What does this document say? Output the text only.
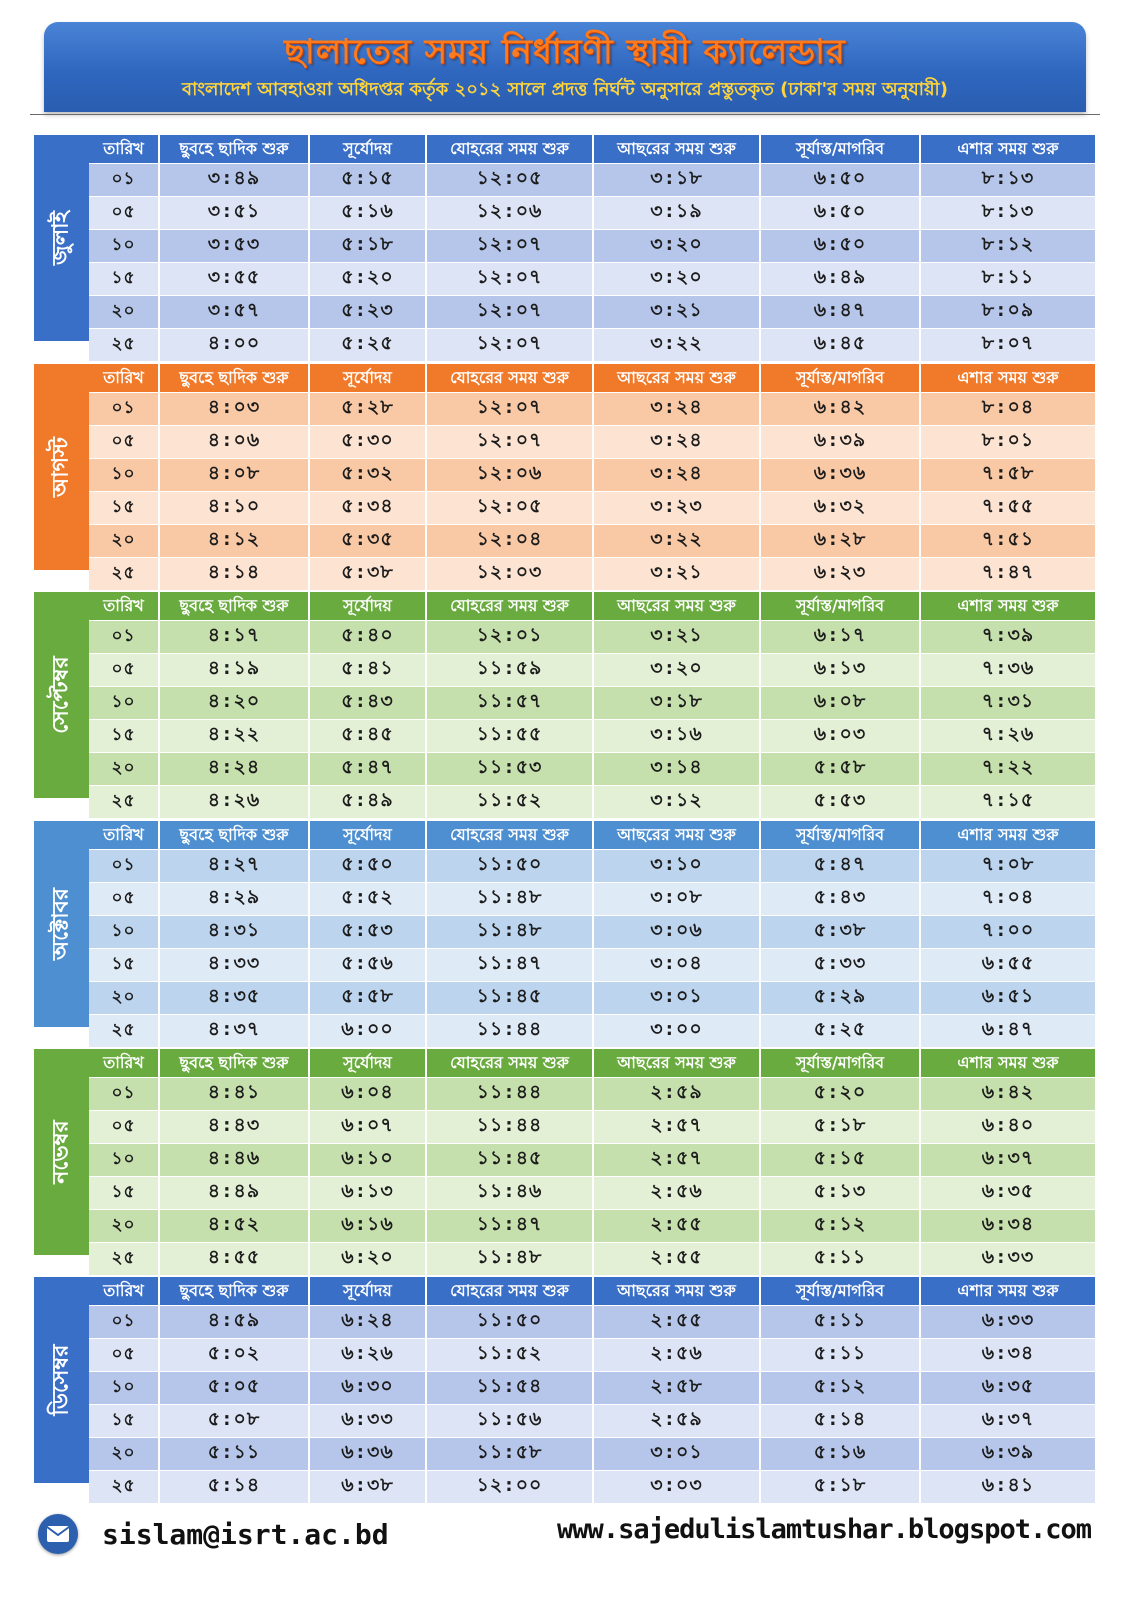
ছালাতের সময় নির্ধারণী স্থায়ী ক্যালেন্ডার
বাংলাদেশ আবহাওয়া অধিদপ্তর কর্তৃক ২০১২ সালে প্রদত্ত নির্ঘন্ট অনুসারে প্রস্তুতকৃত (ঢাকা'র সময় অনুযায়ী)
জুলাই
তারিখ	ছুবহে ছাদিক শুরু	সূর্যোদয়	যোহরের সময় শুরু	আছরের সময় শুরু	সূর্যাস্ত/মাগরিব	এশার সময় শুরু
০১	৩:৪৯	৫:১৫	১২:০৫	৩:১৮	৬:৫০	৮:১৩
০৫	৩:৫১	৫:১৬	১২:০৬	৩:১৯	৬:৫০	৮:১৩
১০	৩:৫৩	৫:১৮	১২:০৭	৩:২০	৬:৫০	৮:১২
১৫	৩:৫৫	৫:২০	১২:০৭	৩:২০	৬:৪৯	৮:১১
২০	৩:৫৭	৫:২৩	১২:০৭	৩:২১	৬:৪৭	৮:০৯
২৫	৪:০০	৫:২৫	১২:০৭	৩:২২	৬:৪৫	৮:০৭
আগস্ট
তারিখ	ছুবহে ছাদিক শুরু	সূর্যোদয়	যোহরের সময় শুরু	আছরের সময় শুরু	সূর্যাস্ত/মাগরিব	এশার সময় শুরু
০১	৪:০৩	৫:২৮	১২:০৭	৩:২৪	৬:৪২	৮:০৪
০৫	৪:০৬	৫:৩০	১২:০৭	৩:২৪	৬:৩৯	৮:০১
১০	৪:০৮	৫:৩২	১২:০৬	৩:২৪	৬:৩৬	৭:৫৮
১৫	৪:১০	৫:৩৪	১২:০৫	৩:২৩	৬:৩২	৭:৫৫
২০	৪:১২	৫:৩৫	১২:০৪	৩:২২	৬:২৮	৭:৫১
২৫	৪:১৪	৫:৩৮	১২:০৩	৩:২১	৬:২৩	৭:৪৭
সেপ্টেম্বর
তারিখ	ছুবহে ছাদিক শুরু	সূর্যোদয়	যোহরের সময় শুরু	আছরের সময় শুরু	সূর্যাস্ত/মাগরিব	এশার সময় শুরু
০১	৪:১৭	৫:৪০	১২:০১	৩:২১	৬:১৭	৭:৩৯
০৫	৪:১৯	৫:৪১	১১:৫৯	৩:২০	৬:১৩	৭:৩৬
১০	৪:২০	৫:৪৩	১১:৫৭	৩:১৮	৬:০৮	৭:৩১
১৫	৪:২২	৫:৪৫	১১:৫৫	৩:১৬	৬:০৩	৭:২৬
২০	৪:২৪	৫:৪৭	১১:৫৩	৩:১৪	৫:৫৮	৭:২২
২৫	৪:২৬	৫:৪৯	১১:৫২	৩:১২	৫:৫৩	৭:১৫
অক্টোবর
তারিখ	ছুবহে ছাদিক শুরু	সূর্যোদয়	যোহরের সময় শুরু	আছরের সময় শুরু	সূর্যাস্ত/মাগরিব	এশার সময় শুরু
০১	৪:২৭	৫:৫০	১১:৫০	৩:১০	৫:৪৭	৭:০৮
০৫	৪:২৯	৫:৫২	১১:৪৮	৩:০৮	৫:৪৩	৭:০৪
১০	৪:৩১	৫:৫৩	১১:৪৮	৩:০৬	৫:৩৮	৭:০০
১৫	৪:৩৩	৫:৫৬	১১:৪৭	৩:০৪	৫:৩৩	৬:৫৫
২০	৪:৩৫	৫:৫৮	১১:৪৫	৩:০১	৫:২৯	৬:৫১
২৫	৪:৩৭	৬:০০	১১:৪৪	৩:০০	৫:২৫	৬:৪৭
নভেম্বর
তারিখ	ছুবহে ছাদিক শুরু	সূর্যোদয়	যোহরের সময় শুরু	আছরের সময় শুরু	সূর্যাস্ত/মাগরিব	এশার সময় শুরু
০১	৪:৪১	৬:০৪	১১:৪৪	২:৫৯	৫:২০	৬:৪২
০৫	৪:৪৩	৬:০৭	১১:৪৪	২:৫৭	৫:১৮	৬:৪০
১০	৪:৪৬	৬:১০	১১:৪৫	২:৫৭	৫:১৫	৬:৩৭
১৫	৪:৪৯	৬:১৩	১১:৪৬	২:৫৬	৫:১৩	৬:৩৫
২০	৪:৫২	৬:১৬	১১:৪৭	২:৫৫	৫:১২	৬:৩৪
২৫	৪:৫৫	৬:২০	১১:৪৮	২:৫৫	৫:১১	৬:৩৩
ডিসেম্বর
তারিখ	ছুবহে ছাদিক শুরু	সূর্যোদয়	যোহরের সময় শুরু	আছরের সময় শুরু	সূর্যাস্ত/মাগরিব	এশার সময় শুরু
০১	৪:৫৯	৬:২৪	১১:৫০	২:৫৫	৫:১১	৬:৩৩
০৫	৫:০২	৬:২৬	১১:৫২	২:৫৬	৫:১১	৬:৩৪
১০	৫:০৫	৬:৩০	১১:৫৪	২:৫৮	৫:১২	৬:৩৫
১৫	৫:০৮	৬:৩৩	১১:৫৬	২:৫৯	৫:১৪	৬:৩৭
২০	৫:১১	৬:৩৬	১১:৫৮	৩:০১	৫:১৬	৬:৩৯
২৫	৫:১৪	৬:৩৮	১২:০০	৩:০৩	৫:১৮	৬:৪১
sislam@isrt.ac.bd	www.sajedulislamtushar.blogspot.com
